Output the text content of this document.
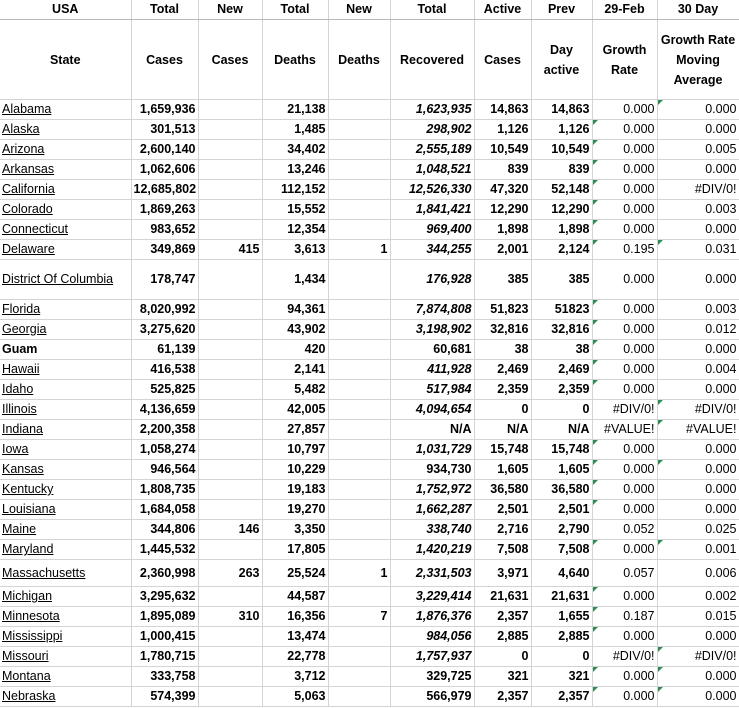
USA	Total	New	Total	New	Total	Active	Prev	29-Feb	30 Day
State	Cases	Cases	Deaths	Deaths	Recovered	Cases	Day active	Growth Rate	Growth Rate Moving Average
Alabama	1,659,936		21,138		1,623,935	14,863	14,863	0.000	0.000

Alaska	301,513		1,485		298,902	1,126	1,126	0.000	0.000
Arizona	2,600,140		34,402		2,555,189	10,549	10,549	0.000	0.005
Arkansas	1,062,606		13,246		1,048,521	839	839	0.000	0.000
California	12,685,802		112,152		12,526,330	47,320	52,148	0.000	#DIV/0!
Colorado	1,869,263		15,552		1,841,421	12,290	12,290	0.000	0.003
Connecticut	983,652		12,354		969,400	1,898	1,898	0.000	0.000
Delaware	349,869	415	3,613	1	344,255	2,001	2,124	0.195	0.031

District Of Columbia	178,747		1,434		176,928	385	385	0.000	0.000
Florida	8,020,992		94,361		7,874,808	51,823	51823	0.000	0.003
Georgia	3,275,620		43,902		3,198,902	32,816	32,816	0.000	0.012
Guam	61,139		420		60,681	38	38	0.000	0.000
Hawaii	416,538		2,141		411,928	2,469	2,469	0.000	0.004
Idaho	525,825		5,482		517,984	2,359	2,359	0.000	0.000
Illinois	4,136,659		42,005		4,094,654	0	0	#DIV/0!	#DIV/0!

Indiana	2,200,358		27,857		N/A	N/A	N/A	#VALUE!	#VALUE!

Iowa	1,058,274		10,797		1,031,729	15,748	15,748	0.000	0.000
Kansas	946,564		10,229		934,730	1,605	1,605	0.000	0.000

Kentucky	1,808,735		19,183		1,752,972	36,580	36,580	0.000	0.000
Louisiana	1,684,058		19,270		1,662,287	2,501	2,501	0.000	0.000
Maine	344,806	146	3,350		338,740	2,716	2,790	0.052	0.025
Maryland	1,445,532		17,805		1,420,219	7,508	7,508	0.000	0.001

Massachusetts	2,360,998	263	25,524	1	2,331,503	3,971	4,640	0.057	0.006
Michigan	3,295,632		44,587		3,229,414	21,631	21,631	0.000	0.002
Minnesota	1,895,089	310	16,356	7	1,876,376	2,357	1,655	0.187	0.015
Mississippi	1,000,415		13,474		984,056	2,885	2,885	0.000	0.000
Missouri	1,780,715		22,778		1,757,937	0	0	#DIV/0!	#DIV/0!

Montana	333,758		3,712		329,725	321	321	0.000	0.000

Nebraska	574,399		5,063		566,979	2,357	2,357	0.000	0.000
